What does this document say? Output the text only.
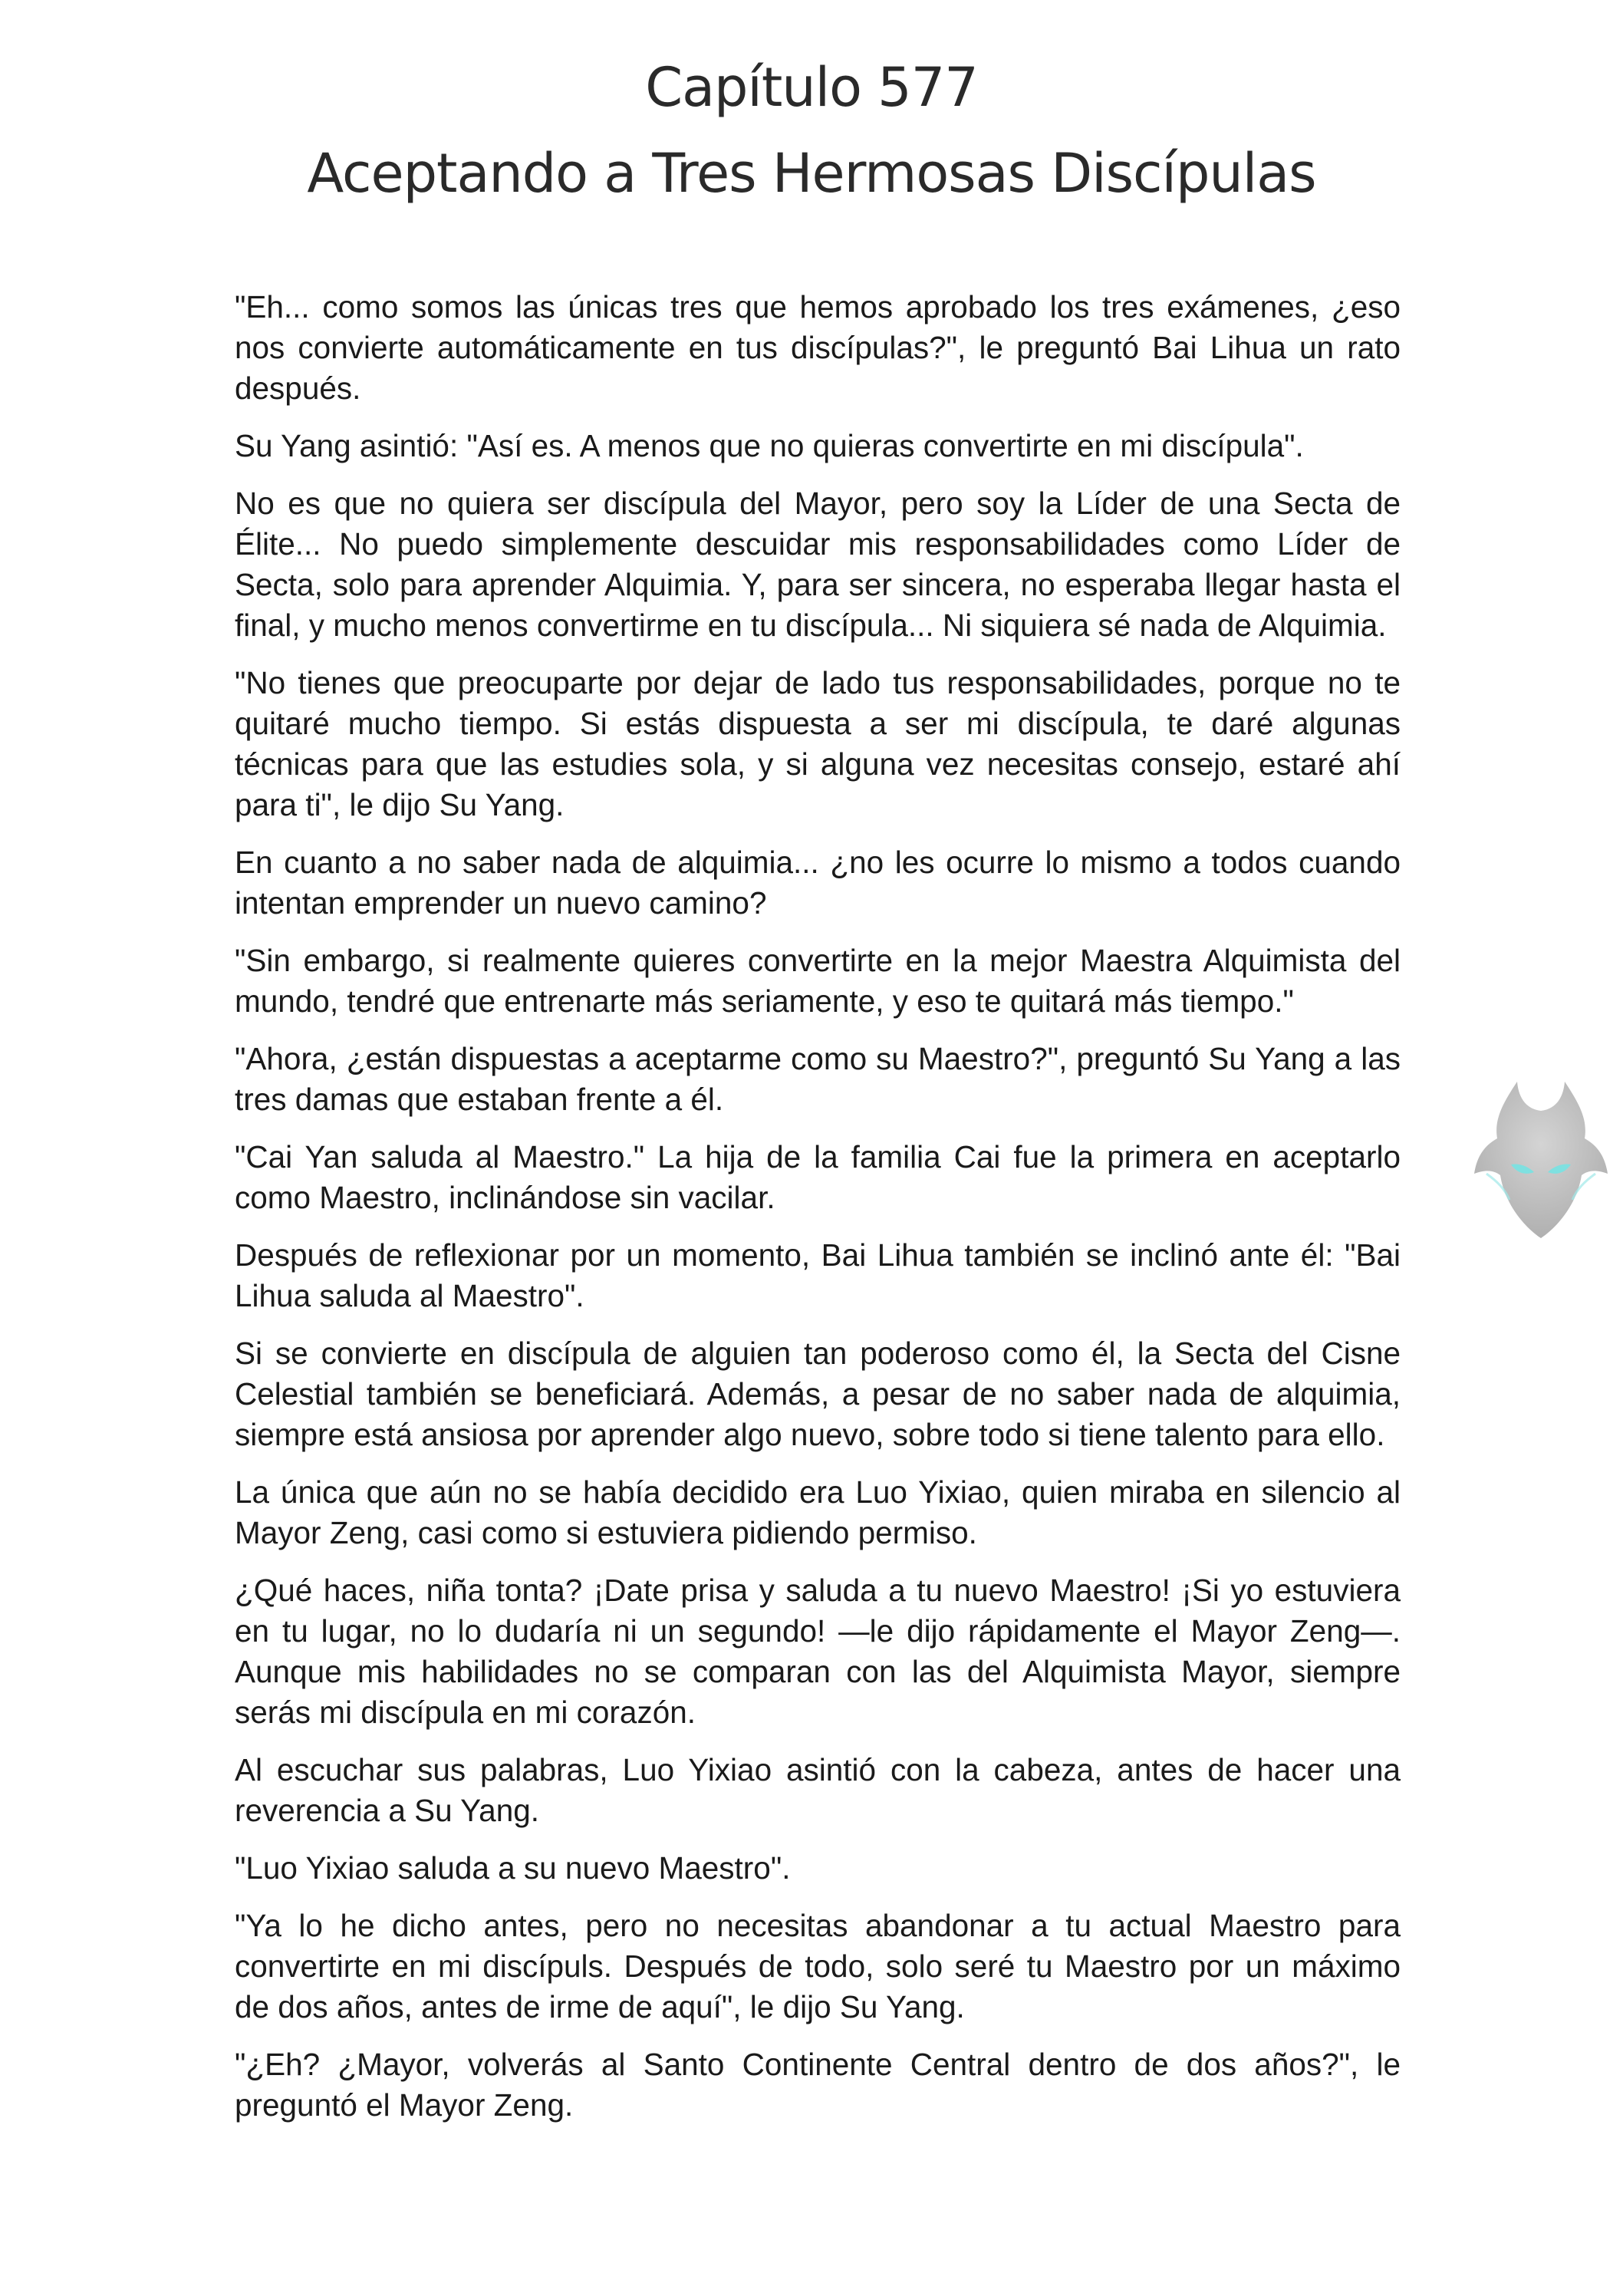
Capítulo 577
Aceptando a Tres Hermosas Discípulas

"Eh... como somos las únicas tres que hemos aprobado los tres exámenes, ¿eso nos convierte automáticamente en tus discípulas?", le preguntó Bai Lihua un rato después.

Su Yang asintió: "Así es. A menos que no quieras convertirte en mi discípula".

No es que no quiera ser discípula del Mayor, pero soy la Líder de una Secta de Élite... No puedo simplemente descuidar mis responsabilidades como Líder de Secta, solo para aprender Alquimia. Y, para ser sincera, no esperaba llegar hasta el final, y mucho menos convertirme en tu discípula... Ni siquiera sé nada de Alquimia.

"No tienes que preocuparte por dejar de lado tus responsabilidades, porque no te quitaré mucho tiempo. Si estás dispuesta a ser mi discípula, te daré algunas técnicas para que las estudies sola, y si alguna vez necesitas consejo, estaré ahí para ti", le dijo Su Yang.

En cuanto a no saber nada de alquimia... ¿no les ocurre lo mismo a todos cuando intentan emprender un nuevo camino?

"Sin embargo, si realmente quieres convertirte en la mejor Maestra Alquimista del mundo, tendré que entrenarte más seriamente, y eso te quitará más tiempo."

"Ahora, ¿están dispuestas a aceptarme como su Maestro?", preguntó Su Yang a las tres damas que estaban frente a él.

"Cai Yan saluda al Maestro." La hija de la familia Cai fue la primera en aceptarlo como Maestro, inclinándose sin vacilar.

Después de reflexionar por un momento, Bai Lihua también se inclinó ante él: "Bai Lihua saluda al Maestro".

Si se convierte en discípula de alguien tan poderoso como él, la Secta del Cisne Celestial también se beneficiará. Además, a pesar de no saber nada de alquimia, siempre está ansiosa por aprender algo nuevo, sobre todo si tiene talento para ello.

La única que aún no se había decidido era Luo Yixiao, quien miraba en silencio al Mayor Zeng, casi como si estuviera pidiendo permiso.

¿Qué haces, niña tonta? ¡Date prisa y saluda a tu nuevo Maestro! ¡Si yo estuviera en tu lugar, no lo dudaría ni un segundo! —le dijo rápidamente el Mayor Zeng—. Aunque mis habilidades no se comparan con las del Alquimista Mayor, siempre serás mi discípula en mi corazón.

Al escuchar sus palabras, Luo Yixiao asintió con la cabeza, antes de hacer una reverencia a Su Yang.

"Luo Yixiao saluda a su nuevo Maestro".

"Ya lo he dicho antes, pero no necesitas abandonar a tu actual Maestro para convertirte en mi discípuls. Después de todo, solo seré tu Maestro por un máximo de dos años, antes de irme de aquí", le dijo Su Yang.

"¿Eh? ¿Mayor, volverás al Santo Continente Central dentro de dos años?", le preguntó el Mayor Zeng.
